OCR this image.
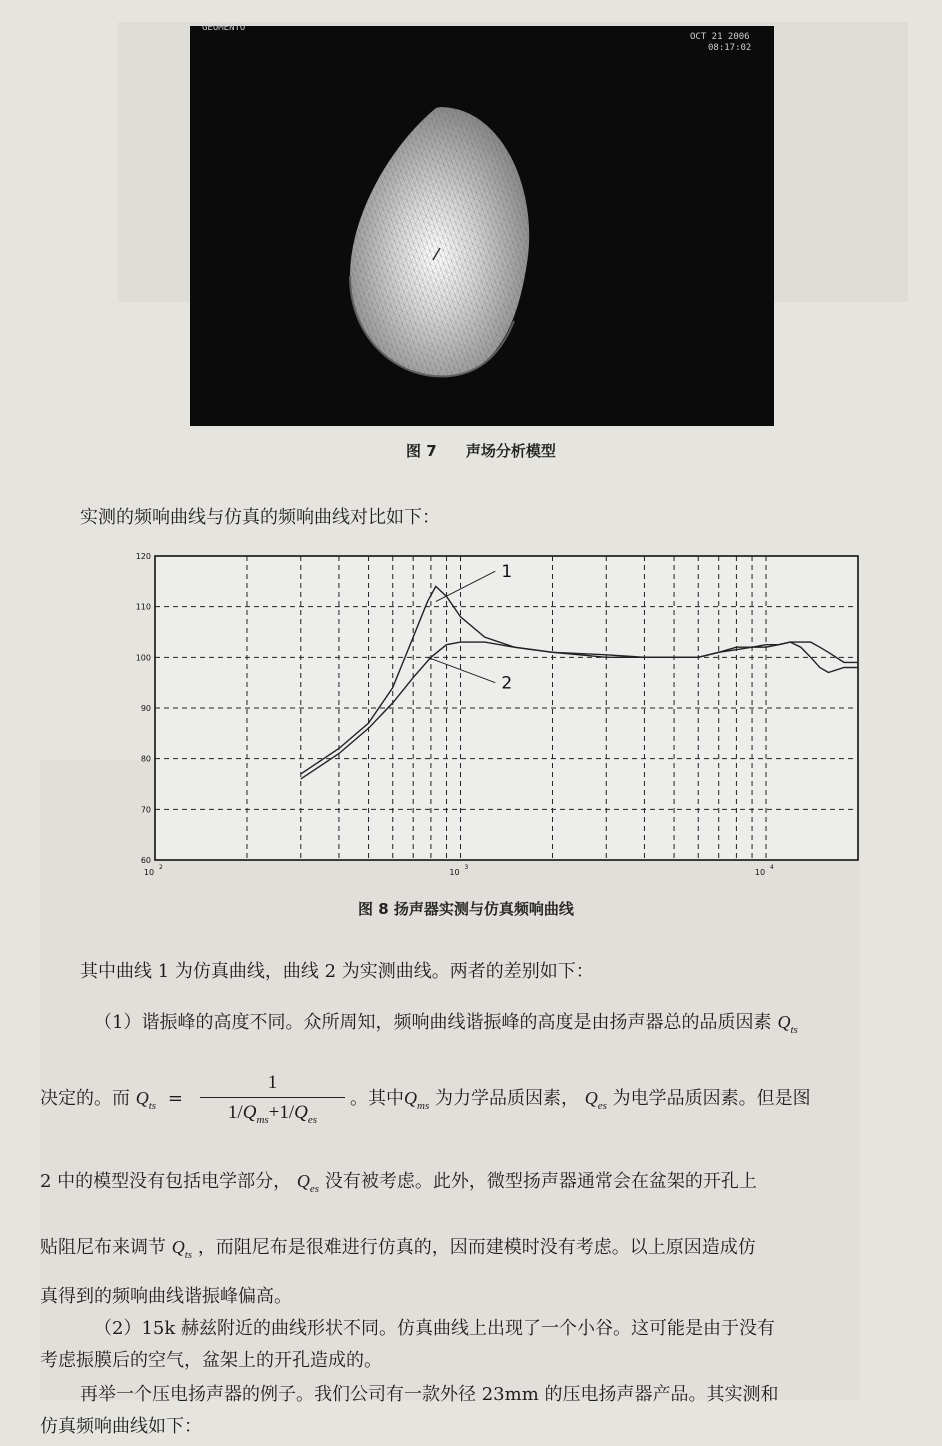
GEOMENTO
OCT 21 2006
08:17:02
图 7 声场分析模型
实测的频响曲线与仿真的频响曲线对比如下：
60
70
80
90
100
110
120
10
2
10
3
10
4
1
2
图 8 扬声器实测与仿真频响曲线
其中曲线 1 为仿真曲线，曲线 2 为实测曲线。两者的差别如下：
（1）谐振峰的高度不同。众所周知，频响曲线谐振峰的高度是由扬声器总的品质因素 $Q_{ts}$
决定的。而 $Q_{ts}$ =
1
$1/Q_{ms}+1/Q_{es}$
。其中$Q_{ms}$ 为力学品质因素， $Q_{es}$ 为电学品质因素。但是图
2 中的模型没有包括电学部分， $Q_{es}$ 没有被考虑。此外，微型扬声器通常会在盆架的开孔上
贴阻尼布来调节 $Q_{ts}$ ，而阻尼布是很难进行仿真的，因而建模时没有考虑。以上原因造成仿
真得到的频响曲线谐振峰偏高。
（2）15k 赫兹附近的曲线形状不同。仿真曲线上出现了一个小谷。这可能是由于没有
考虑振膜后的空气，盆架上的开孔造成的。
再举一个压电扬声器的例子。我们公司有一款外径 23mm 的压电扬声器产品。其实测和
仿真频响曲线如下：
